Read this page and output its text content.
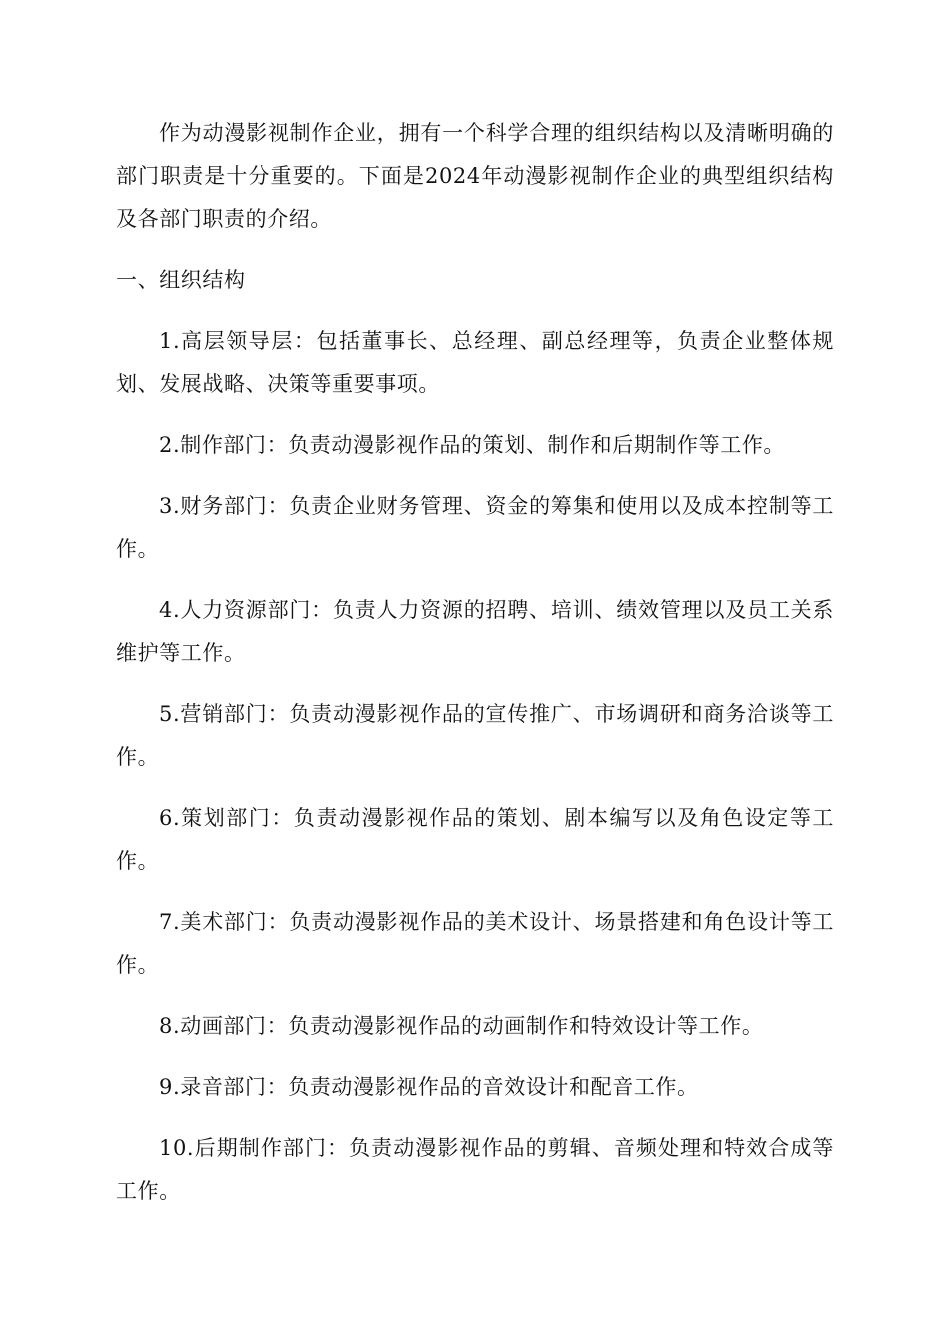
作为动漫影视制作企业，拥有一个科学合理的组织结构以及清晰明确的部门职责是十分重要的。下面是2024年动漫影视制作企业的典型组织结构及各部门职责的介绍。

一、组织结构

1.高层领导层：包括董事长、总经理、副总经理等，负责企业整体规划、发展战略、决策等重要事项。

2.制作部门：负责动漫影视作品的策划、制作和后期制作等工作。

3.财务部门：负责企业财务管理、资金的筹集和使用以及成本控制等工作。

4.人力资源部门：负责人力资源的招聘、培训、绩效管理以及员工关系维护等工作。

5.营销部门：负责动漫影视作品的宣传推广、市场调研和商务洽谈等工作。

6.策划部门：负责动漫影视作品的策划、剧本编写以及角色设定等工作。

7.美术部门：负责动漫影视作品的美术设计、场景搭建和角色设计等工作。

8.动画部门：负责动漫影视作品的动画制作和特效设计等工作。

9.录音部门：负责动漫影视作品的音效设计和配音工作。

10.后期制作部门：负责动漫影视作品的剪辑、音频处理和特效合成等工作。
